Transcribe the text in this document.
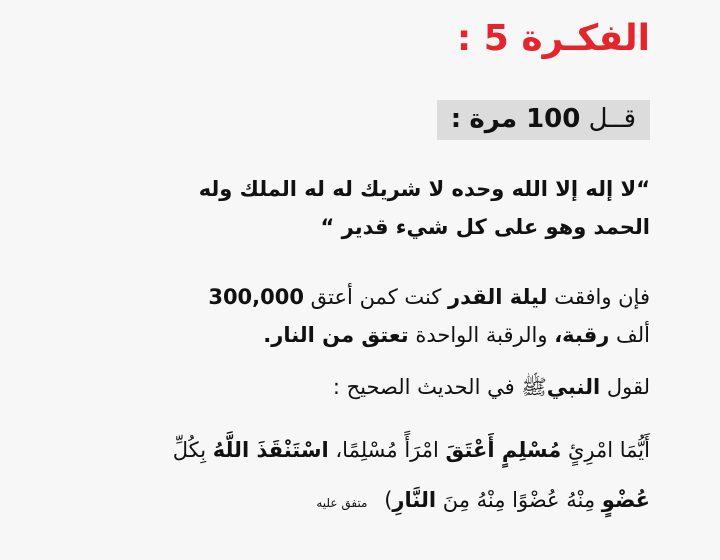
الفكـرة 5 :
قــل 100 مرة :
“لا إله إلا الله وحده لا شريك له له الملك وله
الحمد وهو على كل شيء قدير “
فإن وافقت ليلة القدر كنت كمن أعتق 300,000
ألف رقبة، والرقبة الواحدة تعتق من النار.
لقول النبيﷺ في الحديث الصحيح :
أَيُّمَا امْرِئٍ مُسْلِمٍ أَعْتَقَ امْرَأً مُسْلِمًا، اسْتَنْقَذَ اللَّهُ بِكُلِّ عُضْوٍ مِنْهُ عُضْوًا مِنْهُ مِنَ النَّارِ) متفق عليه
